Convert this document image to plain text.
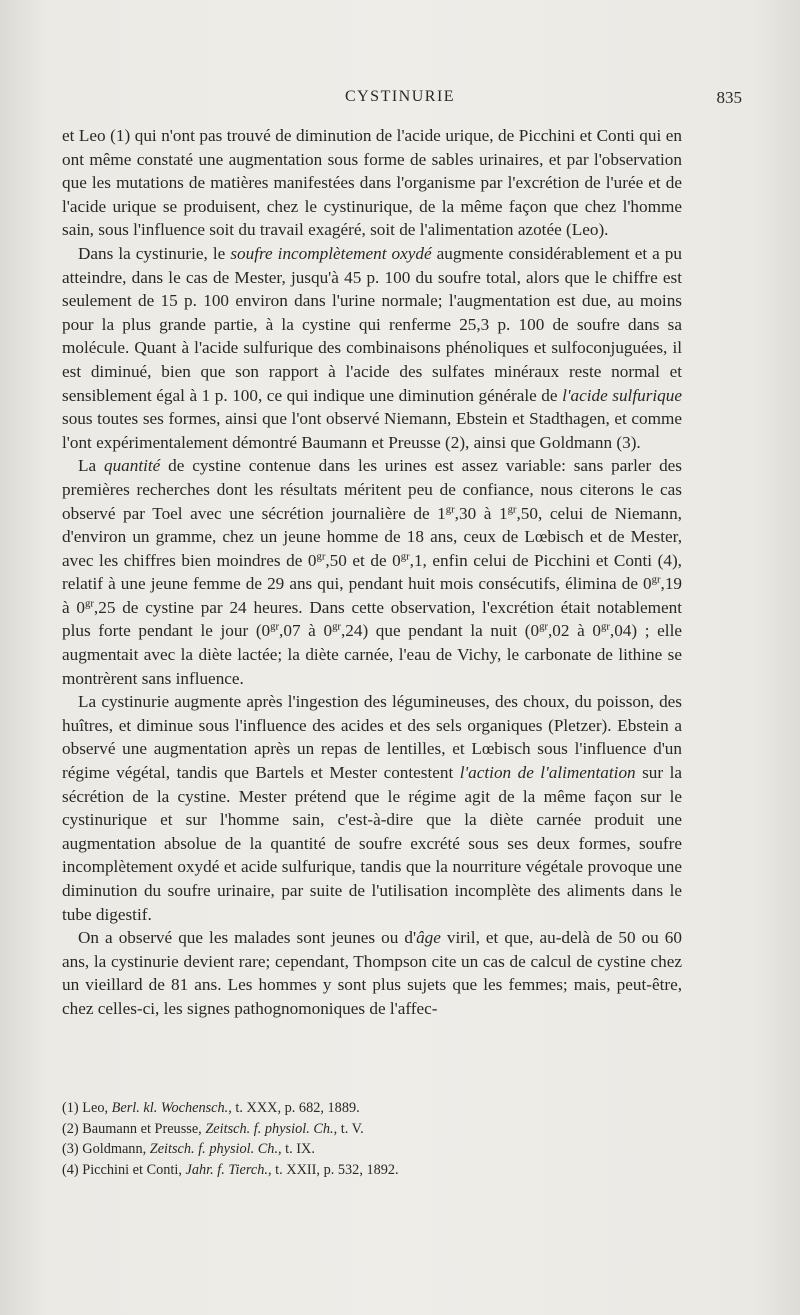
CYSTINURIE	835

et Leo (1) qui n'ont pas trouvé de diminution de l'acide urique, de Picchini et Conti qui en ont même constaté une augmentation sous forme de sables urinaires, et par l'observation que les mutations de matières manifestées dans l'organisme par l'excrétion de l'urée et de l'acide urique se produisent, chez le cystinurique, de la même façon que chez l'homme sain, sous l'influence soit du travail exagéré, soit de l'alimentation azotée (Leo).

Dans la cystinurie, le soufre incomplètement oxydé augmente considérablement et a pu atteindre, dans le cas de Mester, jusqu'à 45 p. 100 du soufre total, alors que le chiffre est seulement de 15 p. 100 environ dans l'urine normale; l'augmentation est due, au moins pour la plus grande partie, à la cystine qui renferme 25,3 p. 100 de soufre dans sa molécule. Quant à l'acide sulfurique des combinaisons phénoliques et sulfoconjuguées, il est diminué, bien que son rapport à l'acide des sulfates minéraux reste normal et sensiblement égal à 1 p. 100, ce qui indique une diminution générale de l'acide sulfurique sous toutes ses formes, ainsi que l'ont observé Niemann, Ebstein et Stadthagen, et comme l'ont expérimentalement démontré Baumann et Preusse (2), ainsi que Goldmann (3).

La quantité de cystine contenue dans les urines est assez variable: sans parler des premières recherches dont les résultats méritent peu de confiance, nous citerons le cas observé par Toel avec une sécrétion journalière de $1^{gr},30$ à $1^{gr},50$, celui de Niemann, d'environ un gramme, chez un jeune homme de 18 ans, ceux de Lœbisch et de Mester, avec les chiffres bien moindres de $0^{gr},50$ et de $0^{gr},1$, enfin celui de Picchini et Conti (4), relatif à une jeune femme de 29 ans qui, pendant huit mois consécutifs, élimina de $0^{gr},19$ à $0^{gr},25$ de cystine par 24 heures. Dans cette observation, l'excrétion était notablement plus forte pendant le jour ($0^{gr},07$ à $0^{gr},24$) que pendant la nuit ($0^{gr},02$ à $0^{gr},04$) ; elle augmentait avec la diète lactée; la diète carnée, l'eau de Vichy, le carbonate de lithine se montrèrent sans influence.

La cystinurie augmente après l'ingestion des légumineuses, des choux, du poisson, des huîtres, et diminue sous l'influence des acides et des sels organiques (Pletzer). Ebstein a observé une augmentation après un repas de lentilles, et Lœbisch sous l'influence d'un régime végétal, tandis que Bartels et Mester contestent l'action de l'alimentation sur la sécrétion de la cystine. Mester prétend que le régime agit de la même façon sur le cystinurique et sur l'homme sain, c'est-à-dire que la diète carnée produit une augmentation absolue de la quantité de soufre excrété sous ses deux formes, soufre incomplètement oxydé et acide sulfurique, tandis que la nourriture végétale provoque une diminution du soufre urinaire, par suite de l'utilisation incomplète des aliments dans le tube digestif.

On a observé que les malades sont jeunes ou d'âge viril, et que, au-delà de 50 ou 60 ans, la cystinurie devient rare; cependant, Thompson cite un cas de calcul de cystine chez un vieillard de 81 ans. Les hommes y sont plus sujets que les femmes; mais, peut-être, chez celles-ci, les signes pathognomoniques de l'affec-

(1) Leo, Berl. kl. Wochensch., t. XXX, p. 682, 1889.
(2) Baumann et Preusse, Zeitsch. f. physiol. Ch., t. V.
(3) Goldmann, Zeitsch. f. physiol. Ch., t. IX.
(4) Picchini et Conti, Jahr. f. Tierch., t. XXII, p. 532, 1892.
